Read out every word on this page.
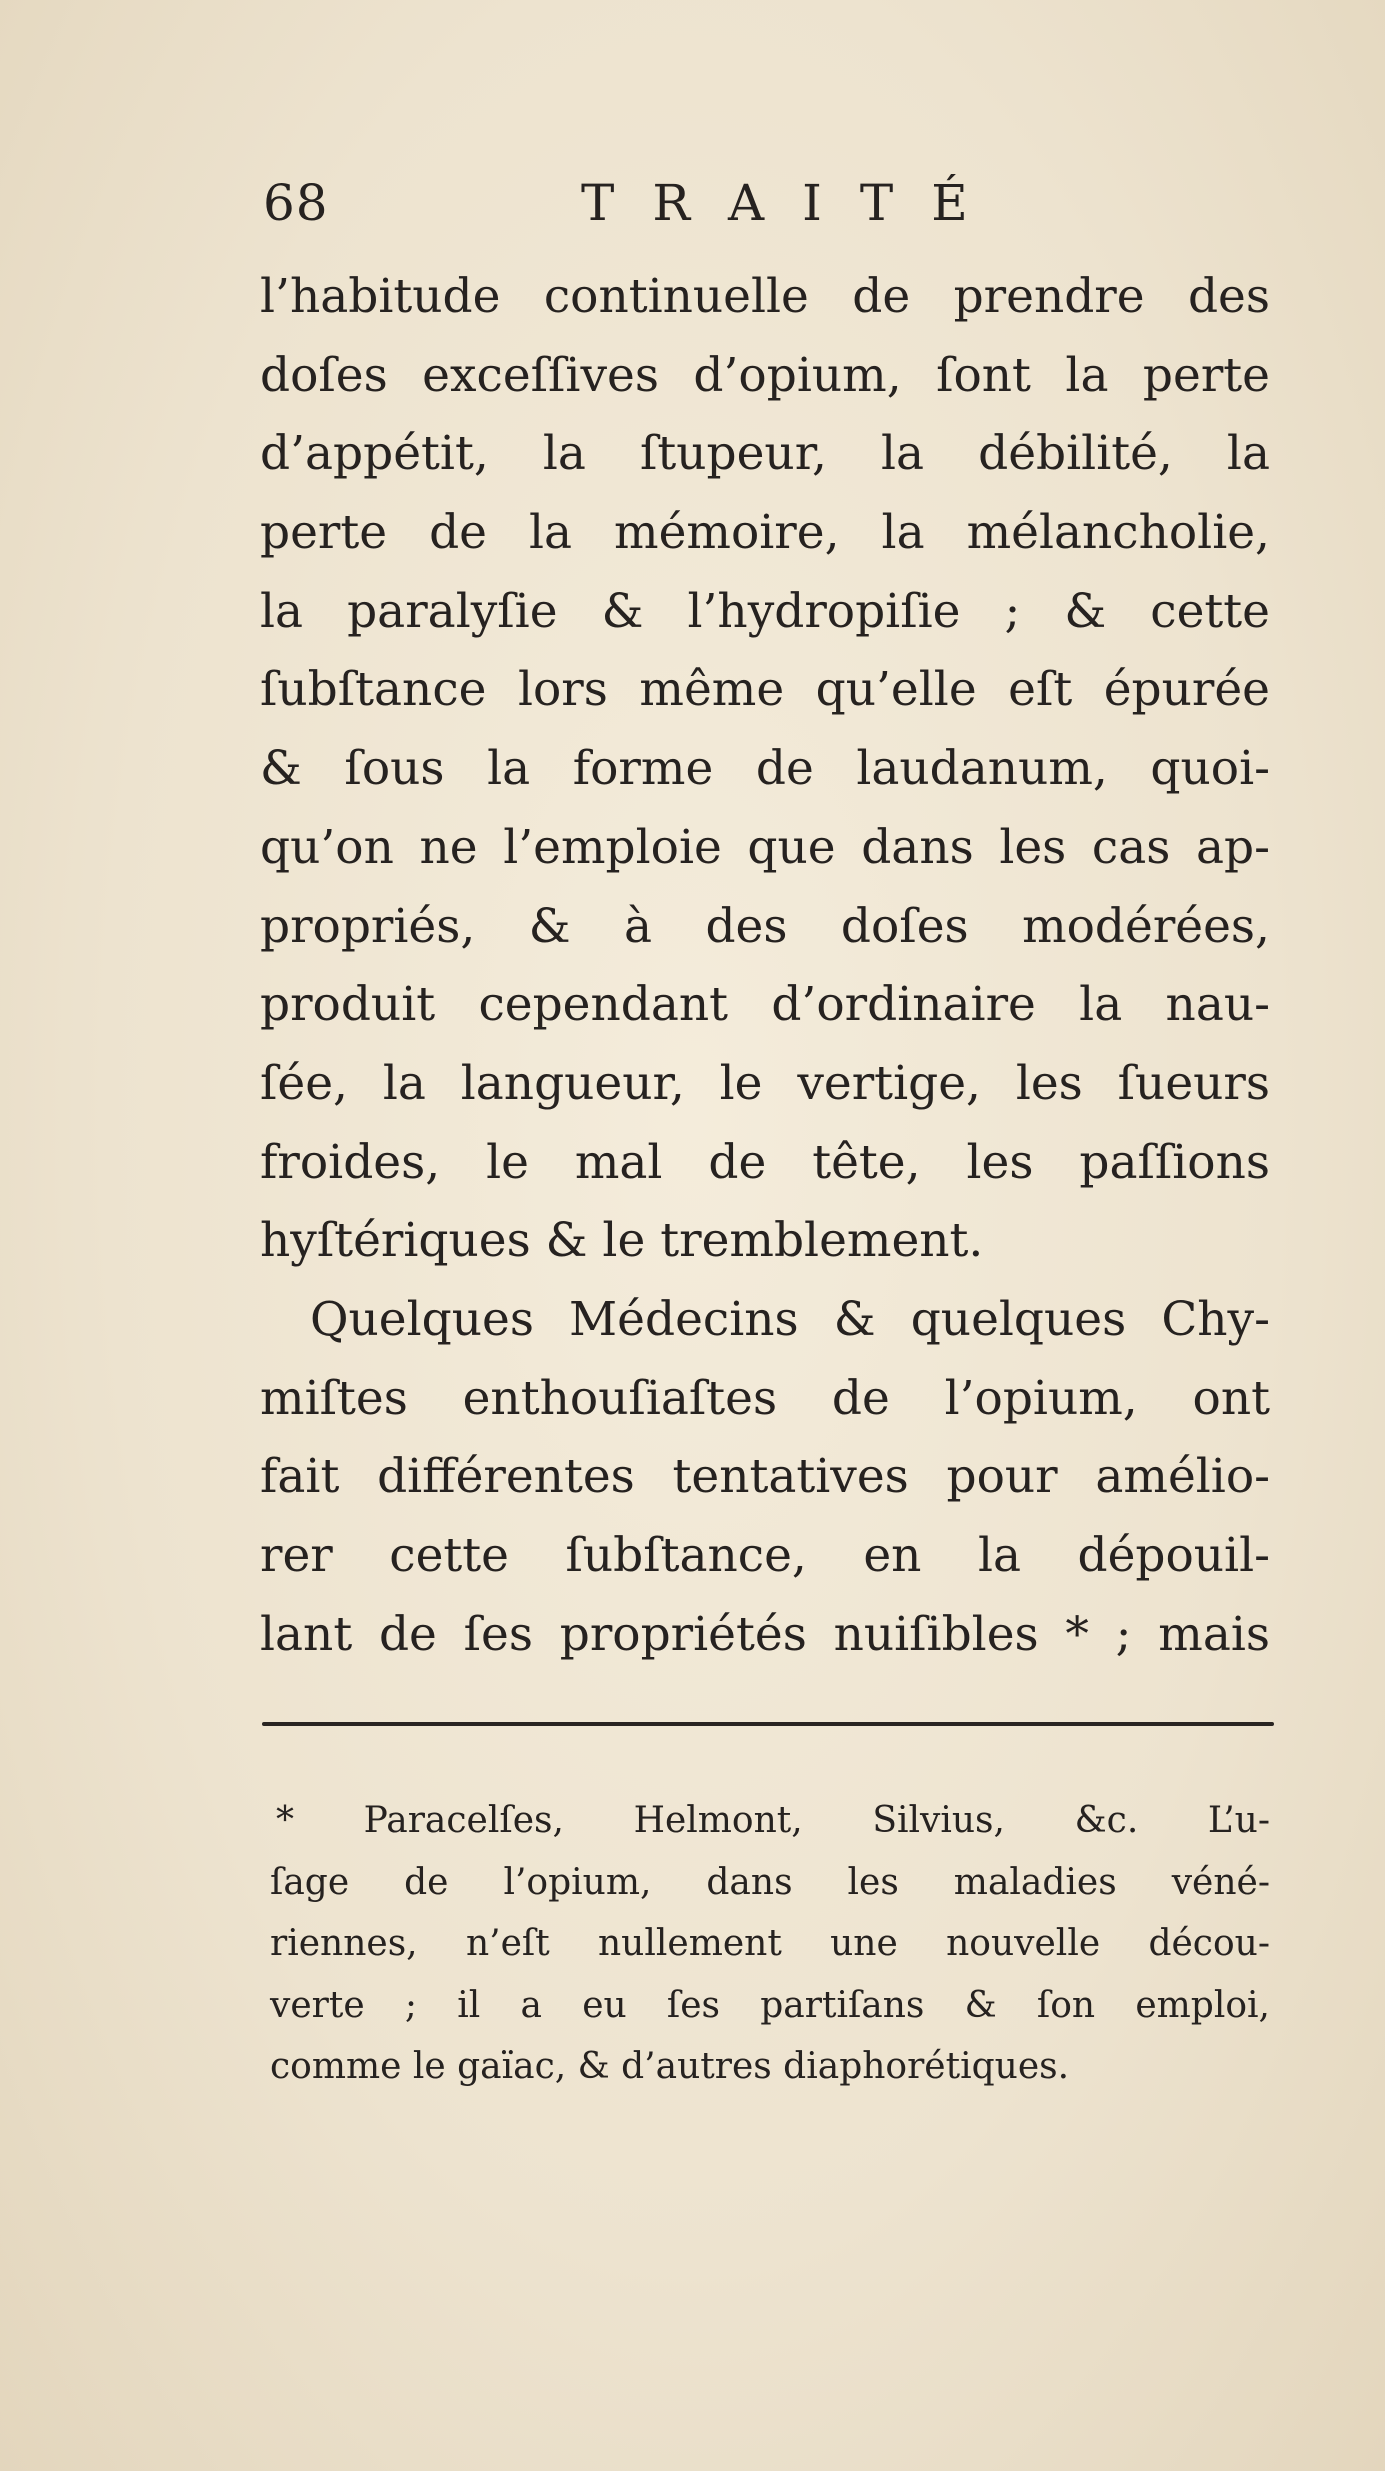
68	TRAITÉ
l’habitude continuelle de prendre des
doſes exceſſives d’opium, ſont la perte
d’appétit, la ſtupeur, la débilité, la
perte de la mémoire, la mélancholie,
la paralyſie & l’hydropiſie ; & cette
ſubſtance lors même qu’elle eſt épurée
& ſous la forme de laudanum, quoi-
qu’on ne l’emploie que dans les cas ap-
propriés, & à des doſes modérées,
produit cependant d’ordinaire la nau-
ſée, la langueur, le vertige, les ſueurs
froides, le mal de tête, les paſſions
hyſtériques & le tremblement.
Quelques Médecins & quelques Chy-
miſtes enthouſiaſtes de l’opium, ont
fait différentes tentatives pour amélio-
rer cette ſubſtance, en la dépouil-
lant de ſes propriétés nuiſibles * ; mais
* Paracelſes, Helmont, Silvius, &c. L’u-
ſage de l’opium, dans les maladies véné-
riennes, n’eſt nullement une nouvelle décou-
verte ; il a eu ſes partiſans & ſon emploi,
comme le gaïac, & d’autres diaphorétiques.
